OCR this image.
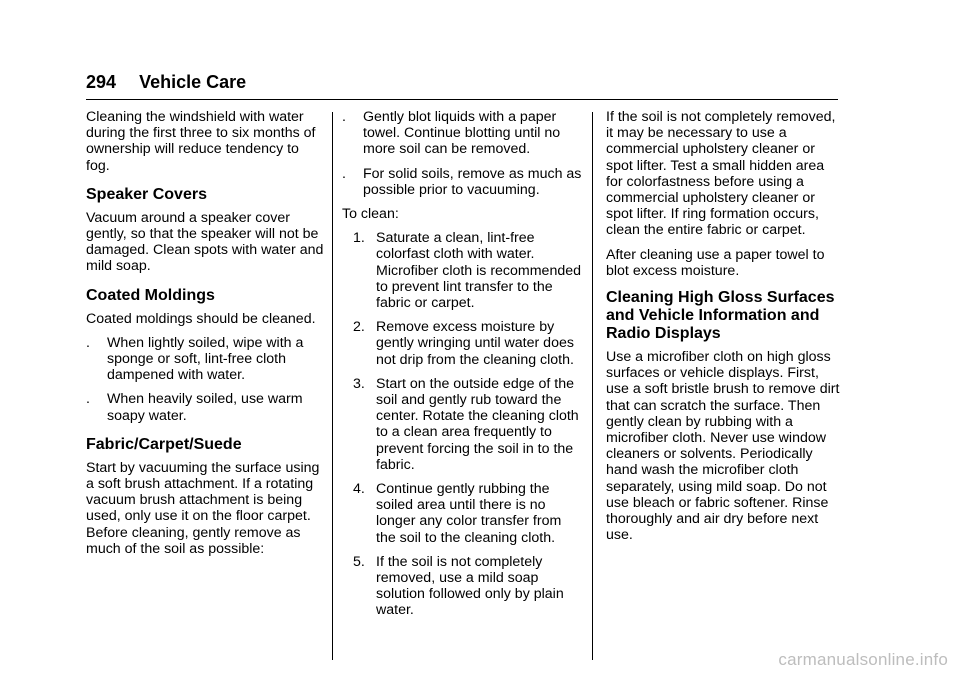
294 Vehicle Care

Cleaning the windshield with water during the first three to six months of ownership will reduce tendency to fog.

Speaker Covers

Vacuum around a speaker cover gently, so that the speaker will not be damaged. Clean spots with water and mild soap.

Coated Moldings

Coated moldings should be cleaned.

. When lightly soiled, wipe with a sponge or soft, lint-free cloth dampened with water.
. When heavily soiled, use warm soapy water.
Fabric/Carpet/Suede

Start by vacuuming the surface using a soft brush attachment. If a rotating vacuum brush attachment is being used, only use it on the floor carpet. Before cleaning, gently remove as much of the soil as possible:

. Gently blot liquids with a paper towel. Continue blotting until no more soil can be removed.
. For solid soils, remove as much as possible prior to vacuuming.

To clean:

1. Saturate a clean, lint-free colorfast cloth with water. Microfiber cloth is recommended to prevent lint transfer to the fabric or carpet.
2. Remove excess moisture by gently wringing until water does not drip from the cleaning cloth.
3. Start on the outside edge of the soil and gently rub toward the center. Rotate the cleaning cloth to a clean area frequently to prevent forcing the soil in to the fabric.
4. Continue gently rubbing the soiled area until there is no longer any color transfer from the soil to the cleaning cloth.
5. If the soil is not completely removed, use a mild soap solution followed only by plain water.

If the soil is not completely removed, it may be necessary to use a commercial upholstery cleaner or spot lifter. Test a small hidden area for colorfastness before using a commercial upholstery cleaner or spot lifter. If ring formation occurs, clean the entire fabric or carpet.

After cleaning use a paper towel to blot excess moisture.

Cleaning High Gloss Surfaces and Vehicle Information and Radio Displays

Use a microfiber cloth on high gloss surfaces or vehicle displays. First, use a soft bristle brush to remove dirt that can scratch the surface. Then gently clean by rubbing with a microfiber cloth. Never use window cleaners or solvents. Periodically hand wash the microfiber cloth separately, using mild soap. Do not use bleach or fabric softener. Rinse thoroughly and air dry before next use.

carmanualsonline.info
